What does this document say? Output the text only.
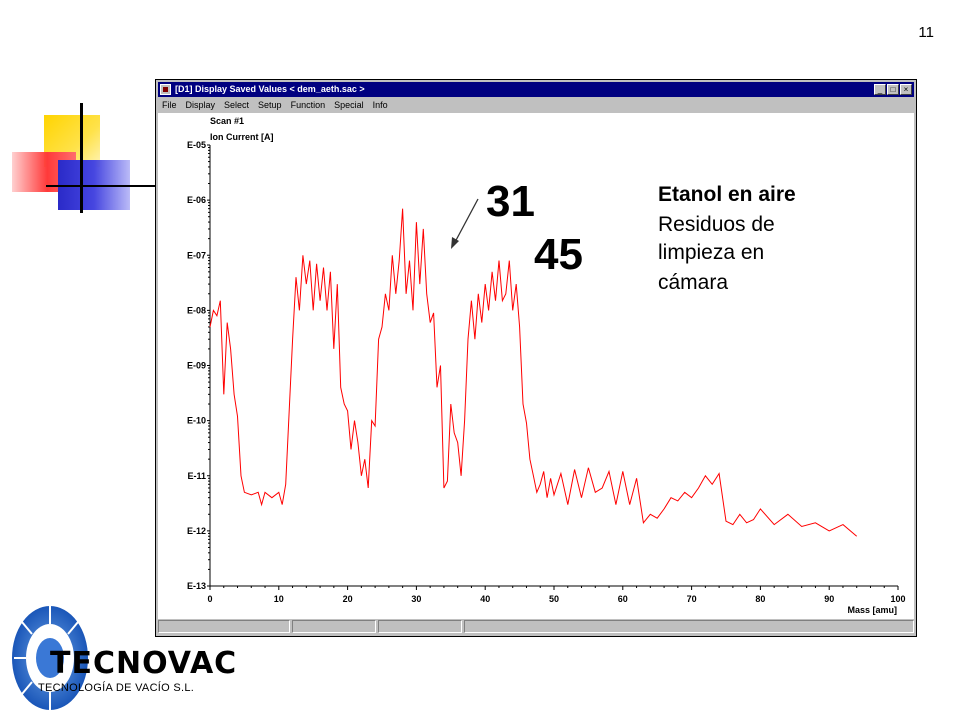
11
[D1] Display Saved Values < dem_aeth.sac >	_	□	×
File Display Select Setup Function Special Info
Scan #1
Ion Current [A]
Mass [amu]
E-05
E-06
E-07
E-08
E-09
E-10
E-11
E-12
E-13
0	10	20	30	40	50	60	70	80	90	100
31
45
Etanol en aire
Residuos de
limpieza en
cámara
TECNOVAC
TECNOLOGÍA DE VACÍO S.L.
